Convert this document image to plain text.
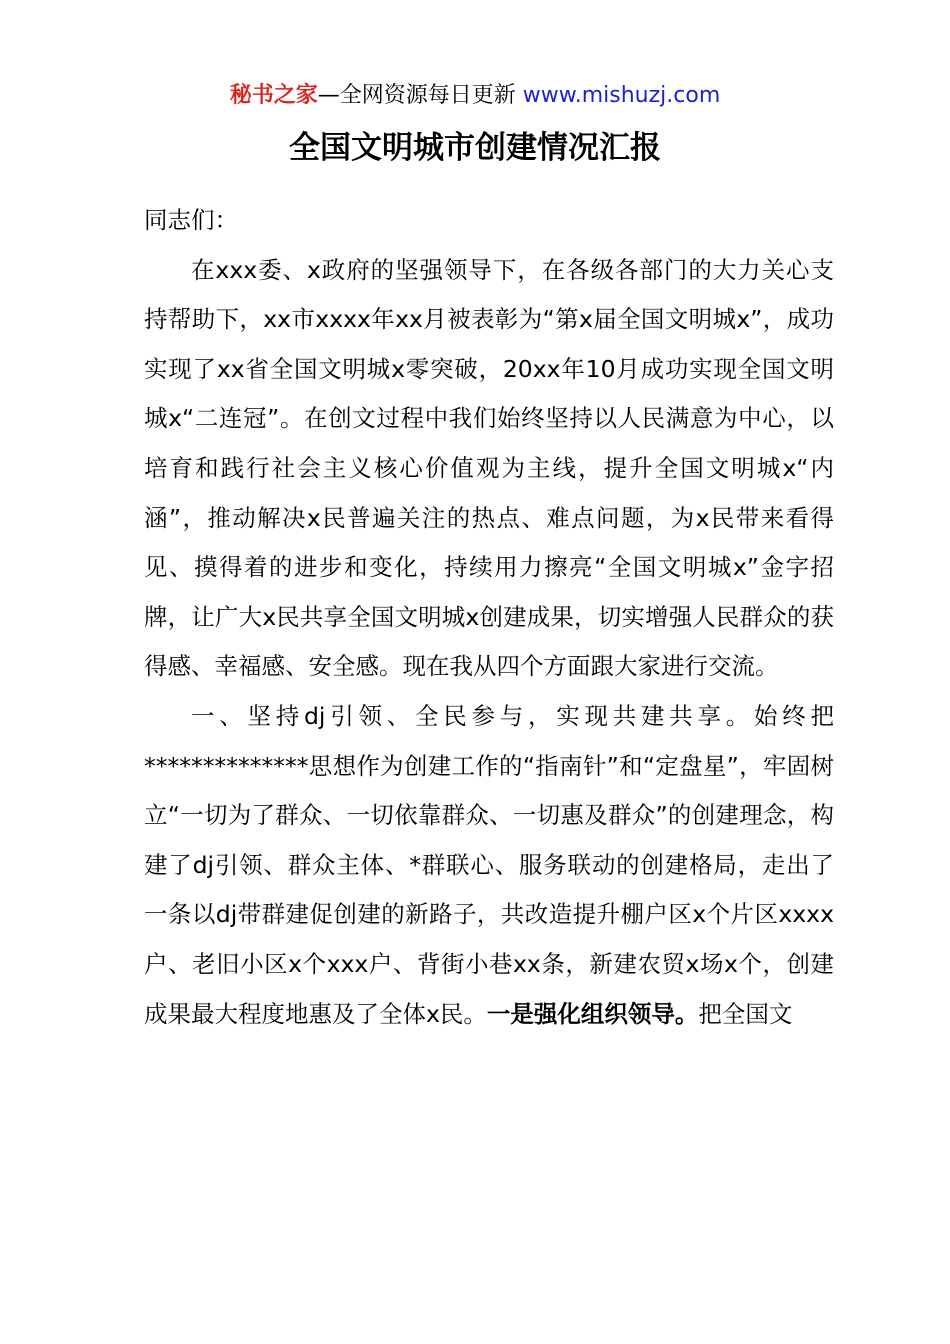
秘书之家—全网资源每日更新 www.mishuzj.com
全国文明城市创建情况汇报

同志们：

在xxx委、x政府的坚强领导下，在各级各部门的大力关心支持帮助下，xx市xxxx年xx月被表彰为“第x届全国文明城x”，成功实现了xx省全国文明城x零突破，20xx年10月成功实现全国文明城x“二连冠”。在创文过程中我们始终坚持以人民满意为中心，以培育和践行社会主义核心价值观为主线，提升全国文明城x“内涵”，推动解决x民普遍关注的热点、难点问题，为x民带来看得见、摸得着的进步和变化，持续用力擦亮“全国文明城x”金字招牌，让广大x民共享全国文明城x创建成果，切实增强人民群众的获得感、幸福感、安全感。现在我从四个方面跟大家进行交流。

一、坚持dj引领、全民参与，实现共建共享。始终把**************思想作为创建工作的“指南针”和“定盘星”，牢固树立“一切为了群众、一切依靠群众、一切惠及群众”的创建理念，构建了dj引领、群众主体、*群联心、服务联动的创建格局，走出了一条以dj带群建促创建的新路子，共改造提升棚户区x个片区xxxx户、老旧小区x个xxx户、背街小巷xx条，新建农贸x场x个，创建成果最大程度地惠及了全体x民。一是强化组织领导。把全国文
